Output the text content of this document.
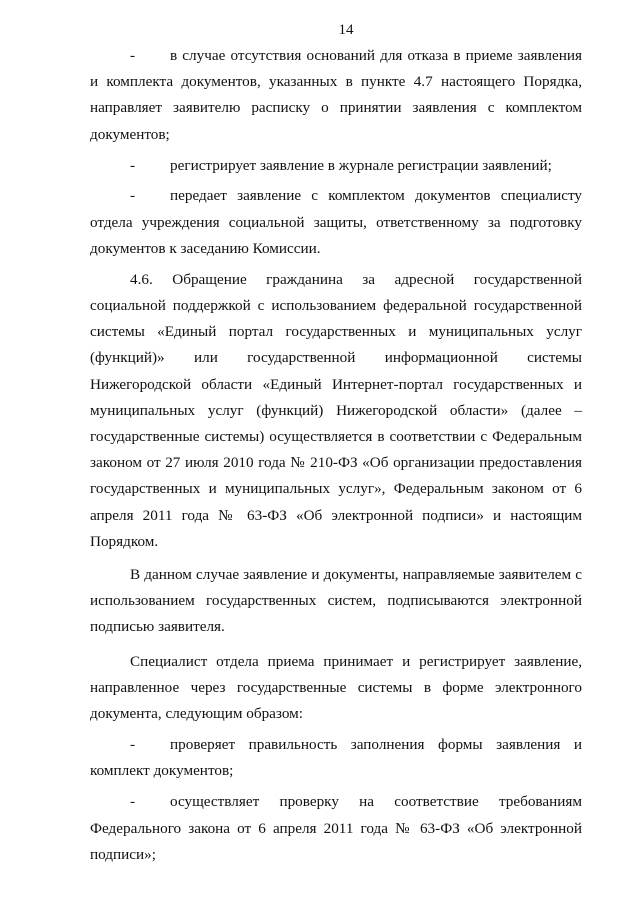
14

- в случае отсутствия оснований для отказа в приеме заявления и комплекта документов, указанных в пункте 4.7 настоящего Порядка, направляет заявителю расписку о принятии заявления с комплектом документов;

- регистрирует заявление в журнале регистрации заявлений;

- передает заявление с комплектом документов специалисту отдела учреждения социальной защиты, ответственному за подготовку документов к заседанию Комиссии.

4.6. Обращение гражданина за адресной государственной социальной поддержкой с использованием федеральной государственной системы «Единый портал государственных и муниципальных услуг (функций)» или государственной информационной системы Нижегородской области «Единый Интернет-портал государственных и муниципальных услуг (функций) Нижегородской области» (далее – государственные системы) осуществляется в соответствии с Федеральным законом от 27 июля 2010 года № 210-ФЗ «Об организации предоставления государственных и муниципальных услуг», Федеральным законом от 6 апреля 2011 года № 63-ФЗ «Об электронной подписи» и настоящим Порядком.

В данном случае заявление и документы, направляемые заявителем с использованием государственных систем, подписываются электронной подписью заявителя.

Специалист отдела приема принимает и регистрирует заявление, направленное через государственные системы в форме электронного документа, следующим образом:

- проверяет правильность заполнения формы заявления и комплект документов;

- осуществляет проверку на соответствие требованиям Федерального закона от 6 апреля 2011 года № 63-ФЗ «Об электронной подписи»;
